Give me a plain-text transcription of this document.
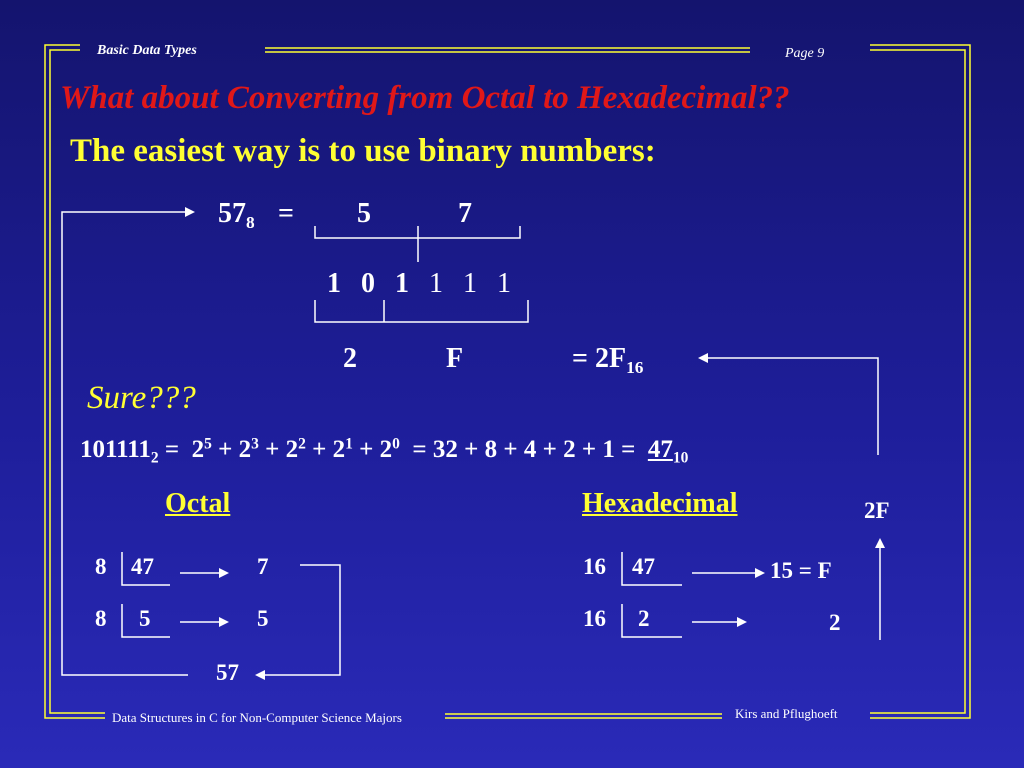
Basic Data Types	Page 9
What about Converting from Octal to Hexadecimal??
The easiest way is to use binary numbers:
$57_8 = 5$	7
1 0 1 1 1 1
2	F	= $2F_{16}$
Sure???
$101111_2 = 2^5 + 2^3 + 2^2 + 2^1 + 2^0 = 32 + 8 + 4 + 2 + 1 = 47_{10}$
Octal
8 47	7
8 5	5
57
Hexadecimal
16 47	15 = F
16 2	2
2F
Data Structures in C for Non-Computer Science Majors	Kirs and Pflughoeft
